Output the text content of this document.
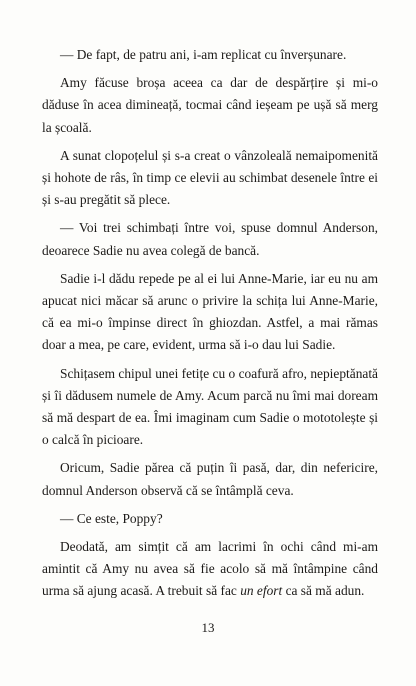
— De fapt, de patru ani, i-am replicat cu înverșunare.

Amy făcuse broșa aceea ca dar de despărțire și mi-o dăduse în acea dimineață, tocmai când ieșeam pe ușă să merg la școală.

A sunat clopoțelul și s-a creat o vânzoleală nemaipomenită și hohote de râs, în timp ce elevii au schimbat desenele între ei și s-au pregătit să plece.

— Voi trei schimbați între voi, spuse domnul Anderson, deoarece Sadie nu avea colegă de bancă.

Sadie i-l dădu repede pe al ei lui Anne-Marie, iar eu nu am apucat nici măcar să arunc o privire la schița lui Anne-Marie, că ea mi-o împinse direct în ghiozdan. Astfel, a mai rămas doar a mea, pe care, evident, urma să i-o dau lui Sadie.

Schițasem chipul unei fetițe cu o coafură afro, nepieptănată și îi dădusem numele de Amy. Acum parcă nu îmi mai doream să mă despart de ea. Îmi imaginam cum Sadie o mototolește și o calcă în picioare.

Oricum, Sadie părea că puțin îi pasă, dar, din nefericire, domnul Anderson observă că se întâmplă ceva.

— Ce este, Poppy?

Deodată, am simțit că am lacrimi în ochi când mi-am amintit că Amy nu avea să fie acolo să mă întâmpine când urma să ajung acasă. A trebuit să fac un efort ca să mă adun.

13
